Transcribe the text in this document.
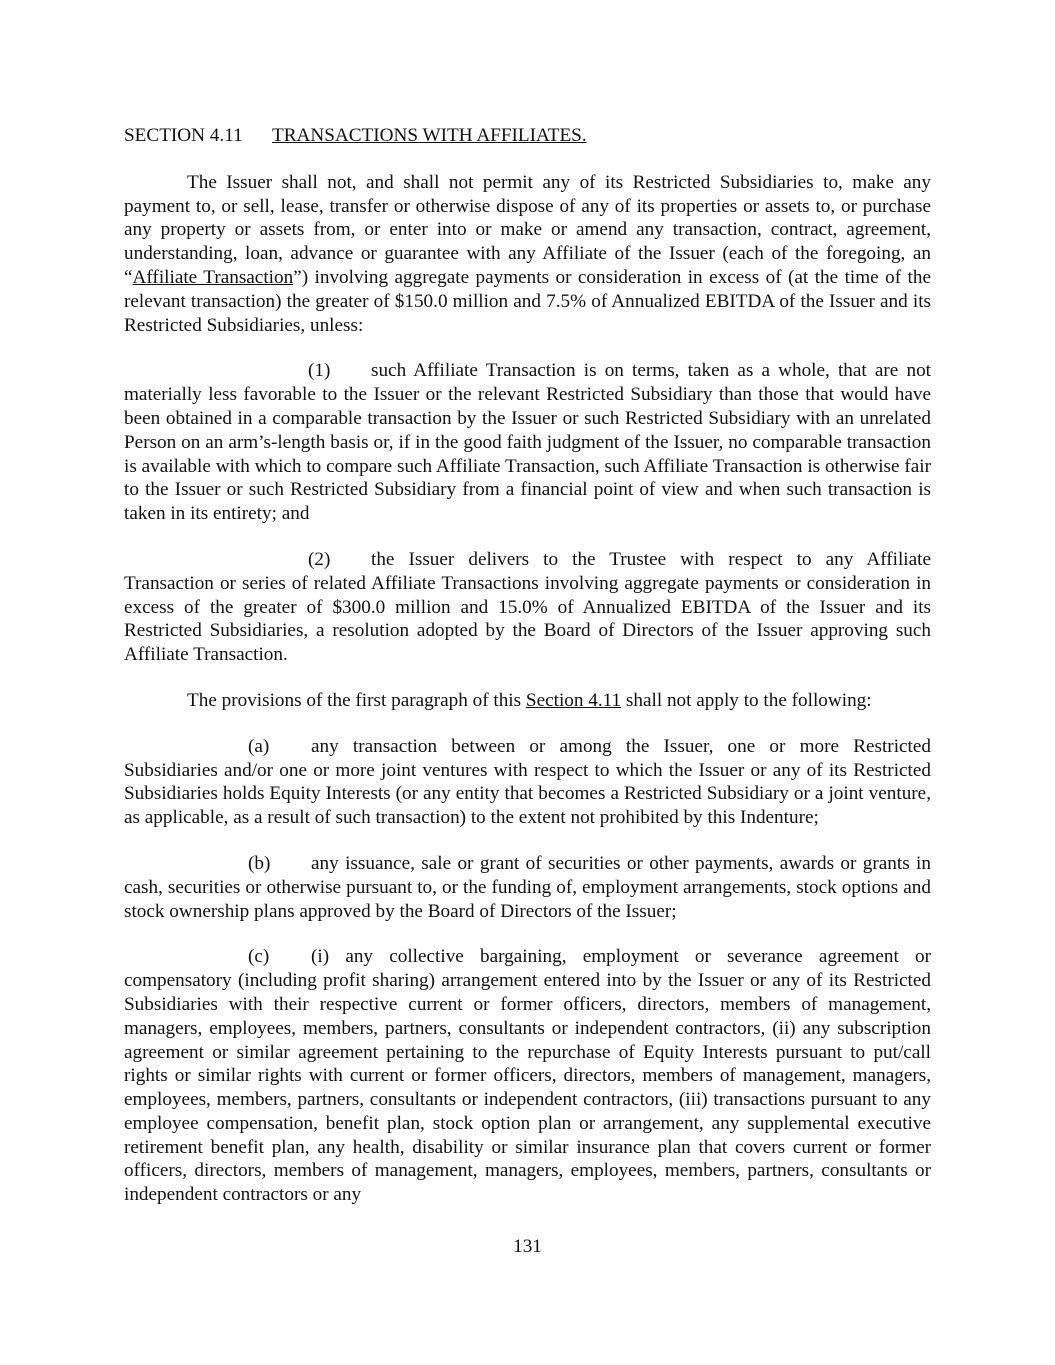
SECTION 4.11 TRANSACTIONS WITH AFFILIATES.

The Issuer shall not, and shall not permit any of its Restricted Subsidiaries to, make any payment to, or sell, lease, transfer or otherwise dispose of any of its properties or assets to, or purchase any property or assets from, or enter into or make or amend any transaction, contract, agreement, understanding, loan, advance or guarantee with any Affiliate of the Issuer (each of the foregoing, an “Affiliate Transaction”) involving aggregate payments or consideration in excess of (at the time of the relevant transaction) the greater of $150.0 million and 7.5% of Annualized EBITDA of the Issuer and its Restricted Subsidiaries, unless:

(1) such Affiliate Transaction is on terms, taken as a whole, that are not materially less favorable to the Issuer or the relevant Restricted Subsidiary than those that would have been obtained in a comparable transaction by the Issuer or such Restricted Subsidiary with an unrelated Person on an arm’s-length basis or, if in the good faith judgment of the Issuer, no comparable transaction is available with which to compare such Affiliate Transaction, such Affiliate Transaction is otherwise fair to the Issuer or such Restricted Subsidiary from a financial point of view and when such transaction is taken in its entirety; and

(2) the Issuer delivers to the Trustee with respect to any Affiliate Transaction or series of related Affiliate Transactions involving aggregate payments or consideration in excess of the greater of $300.0 million and 15.0% of Annualized EBITDA of the Issuer and its Restricted Subsidiaries, a resolution adopted by the Board of Directors of the Issuer approving such Affiliate Transaction.

The provisions of the first paragraph of this Section 4.11 shall not apply to the following:

(a) any transaction between or among the Issuer, one or more Restricted Subsidiaries and/or one or more joint ventures with respect to which the Issuer or any of its Restricted Subsidiaries holds Equity Interests (or any entity that becomes a Restricted Subsidiary or a joint venture, as applicable, as a result of such transaction) to the extent not prohibited by this Indenture;

(b) any issuance, sale or grant of securities or other payments, awards or grants in cash, securities or otherwise pursuant to, or the funding of, employment arrangements, stock options and stock ownership plans approved by the Board of Directors of the Issuer;

(c) (i) any collective bargaining, employment or severance agreement or compensatory (including profit sharing) arrangement entered into by the Issuer or any of its Restricted Subsidiaries with their respective current or former officers, directors, members of management, managers, employees, members, partners, consultants or independent contractors, (ii) any subscription agreement or similar agreement pertaining to the repurchase of Equity Interests pursuant to put/call rights or similar rights with current or former officers, directors, members of management, managers, employees, members, partners, consultants or independent contractors, (iii) transactions pursuant to any employee compensation, benefit plan, stock option plan or arrangement, any supplemental executive retirement benefit plan, any health, disability or similar insurance plan that covers current or former officers, directors, members of management, managers, employees, members, partners, consultants or independent contractors or any

131
